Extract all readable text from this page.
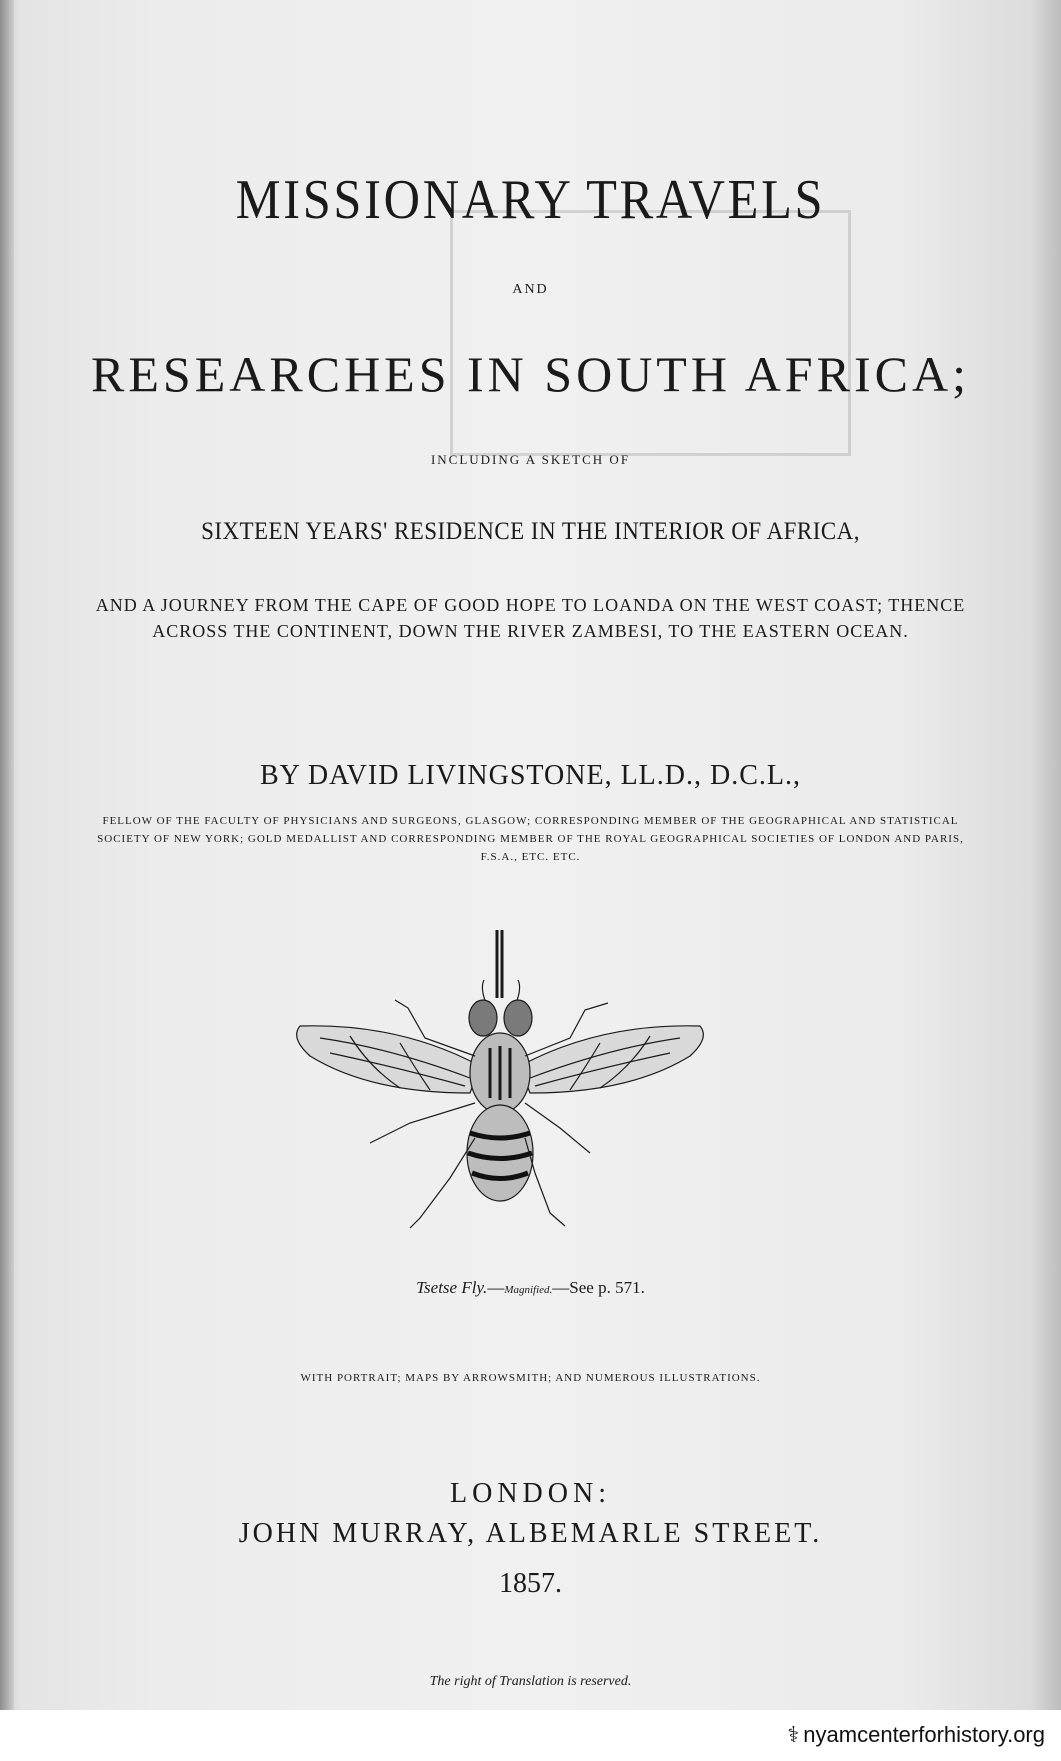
MISSIONARY TRAVELS
AND
RESEARCHES IN SOUTH AFRICA;
INCLUDING A SKETCH OF
SIXTEEN YEARS' RESIDENCE IN THE INTERIOR OF AFRICA,
AND A JOURNEY FROM THE CAPE OF GOOD HOPE TO LOANDA ON THE WEST COAST; THENCE ACROSS THE CONTINENT, DOWN THE RIVER ZAMBESI, TO THE EASTERN OCEAN.
BY DAVID LIVINGSTONE, LL.D., D.C.L.,
FELLOW OF THE FACULTY OF PHYSICIANS AND SURGEONS, GLASGOW; CORRESPONDING MEMBER OF THE GEOGRAPHICAL AND STATISTICAL SOCIETY OF NEW YORK; GOLD MEDALLIST AND CORRESPONDING MEMBER OF THE ROYAL GEOGRAPHICAL SOCIETIES OF LONDON AND PARIS, F.S.A., ETC. ETC.
Tsetse Fly.—Magnified.—See p. 571.
WITH PORTRAIT; MAPS BY ARROWSMITH; AND NUMEROUS ILLUSTRATIONS.
LONDON:
JOHN MURRAY, ALBEMARLE STREET.
1857.
The right of Translation is reserved.
⚕ nyamcenterforhistory.org
